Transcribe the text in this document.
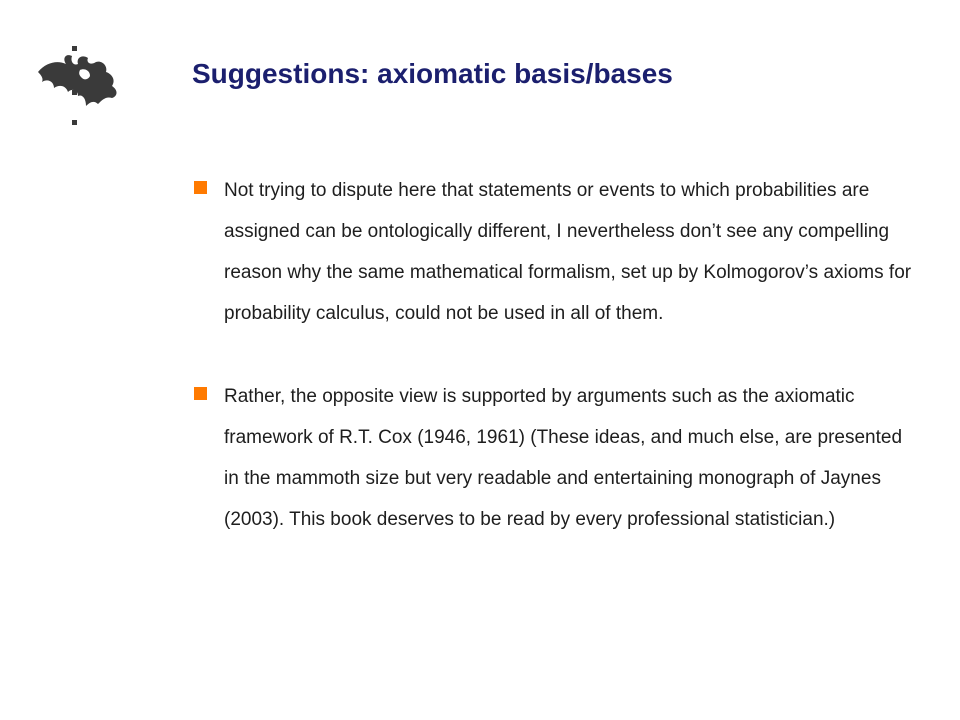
Suggestions: axiomatic basis/bases
Not trying to dispute here that statements or events to which probabilities are assigned can be ontologically different, I nevertheless don’t see any compelling reason why the same mathematical formalism, set up by Kolmogorov’s axioms for probability calculus, could not be used in all of them.
Rather, the opposite view is supported by arguments such as the axiomatic framework of R.T. Cox (1946, 1961) (These ideas, and much else, are presented in the mammoth size but very readable and entertaining monograph of Jaynes (2003). This book deserves to be read by every professional statistician.)
